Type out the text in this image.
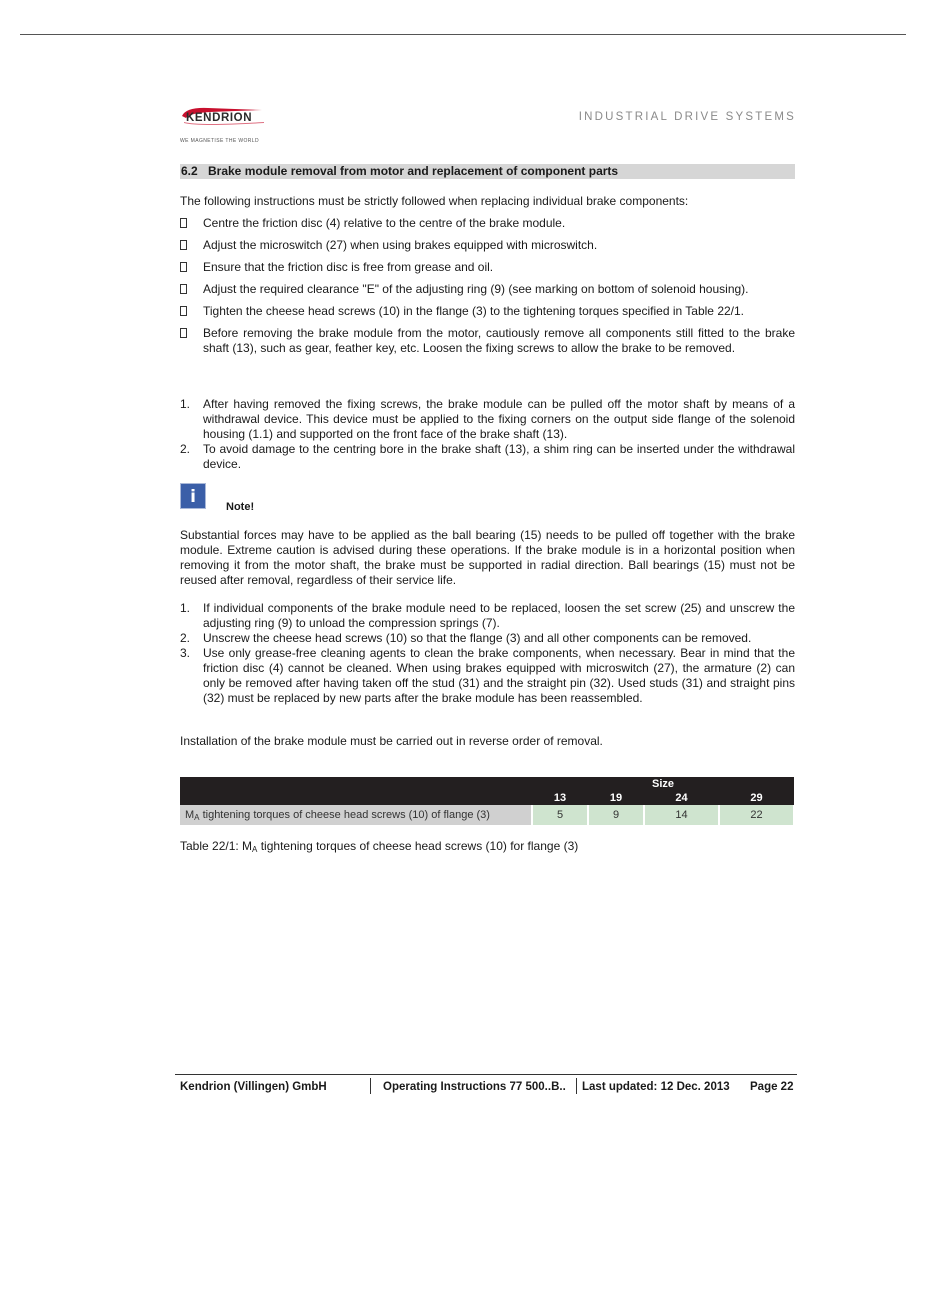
KENDRION
WE MAGNETISE THE WORLD
INDUSTRIAL DRIVE SYSTEMS
6.2 Brake module removal from motor and replacement of component parts

The following instructions must be strictly followed when replacing individual brake components:

Centre the friction disc (4) relative to the centre of the brake module.
Adjust the microswitch (27) when using brakes equipped with microswitch.
Ensure that the friction disc is free from grease and oil.
Adjust the required clearance "E" of the adjusting ring (9) (see marking on bottom of solenoid housing).
Tighten the cheese head screws (10) in the flange (3) to the tightening torques specified in Table 22/1.
Before removing the brake module from the motor, cautiously remove all components still fitted to the brake shaft (13), such as gear, feather key, etc. Loosen the fixing screws to allow the brake to be removed.
1. After having removed the fixing screws, the brake module can be pulled off the motor shaft by means of a withdrawal device. This device must be applied to the fixing corners on the output side flange of the solenoid housing (1.1) and supported on the front face of the brake shaft (13).
2. To avoid damage to the centring bore in the brake shaft (13), a shim ring can be inserted under the withdrawal device.
i	Note!

Substantial forces may have to be applied as the ball bearing (15) needs to be pulled off together with the brake module. Extreme caution is advised during these operations. If the brake module is in a horizontal position when removing it from the motor shaft, the brake must be supported in radial direction. Ball bearings (15) must not be reused after removal, regardless of their service life.

1. If individual components of the brake module need to be replaced, loosen the set screw (25) and unscrew the adjusting ring (9) to unload the compression springs (7).
2. Unscrew the cheese head screws (10) so that the flange (3) and all other components can be removed.
3. Use only grease-free cleaning agents to clean the brake components, when necessary. Bear in mind that the friction disc (4) cannot be cleaned. When using brakes equipped with microswitch (27), the armature (2) can only be removed after having taken off the stud (31) and the straight pin (32). Used studs (31) and straight pins (32) must be replaced by new parts after the brake module has been reassembled.

Installation of the brake module must be carried out in reverse order of removal.

	Size			
	13	19	24	29
$M_A$ tightening torques of cheese head screws (10) of flange (3)	5	9	14	22
Table 22/1: $M_A$ tightening torques of cheese head screws (10) for flange (3)
Kendrion (Villingen) GmbH	Operating Instructions 77 500..B.. Last updated: 12 Dec. 2013 Page 22
